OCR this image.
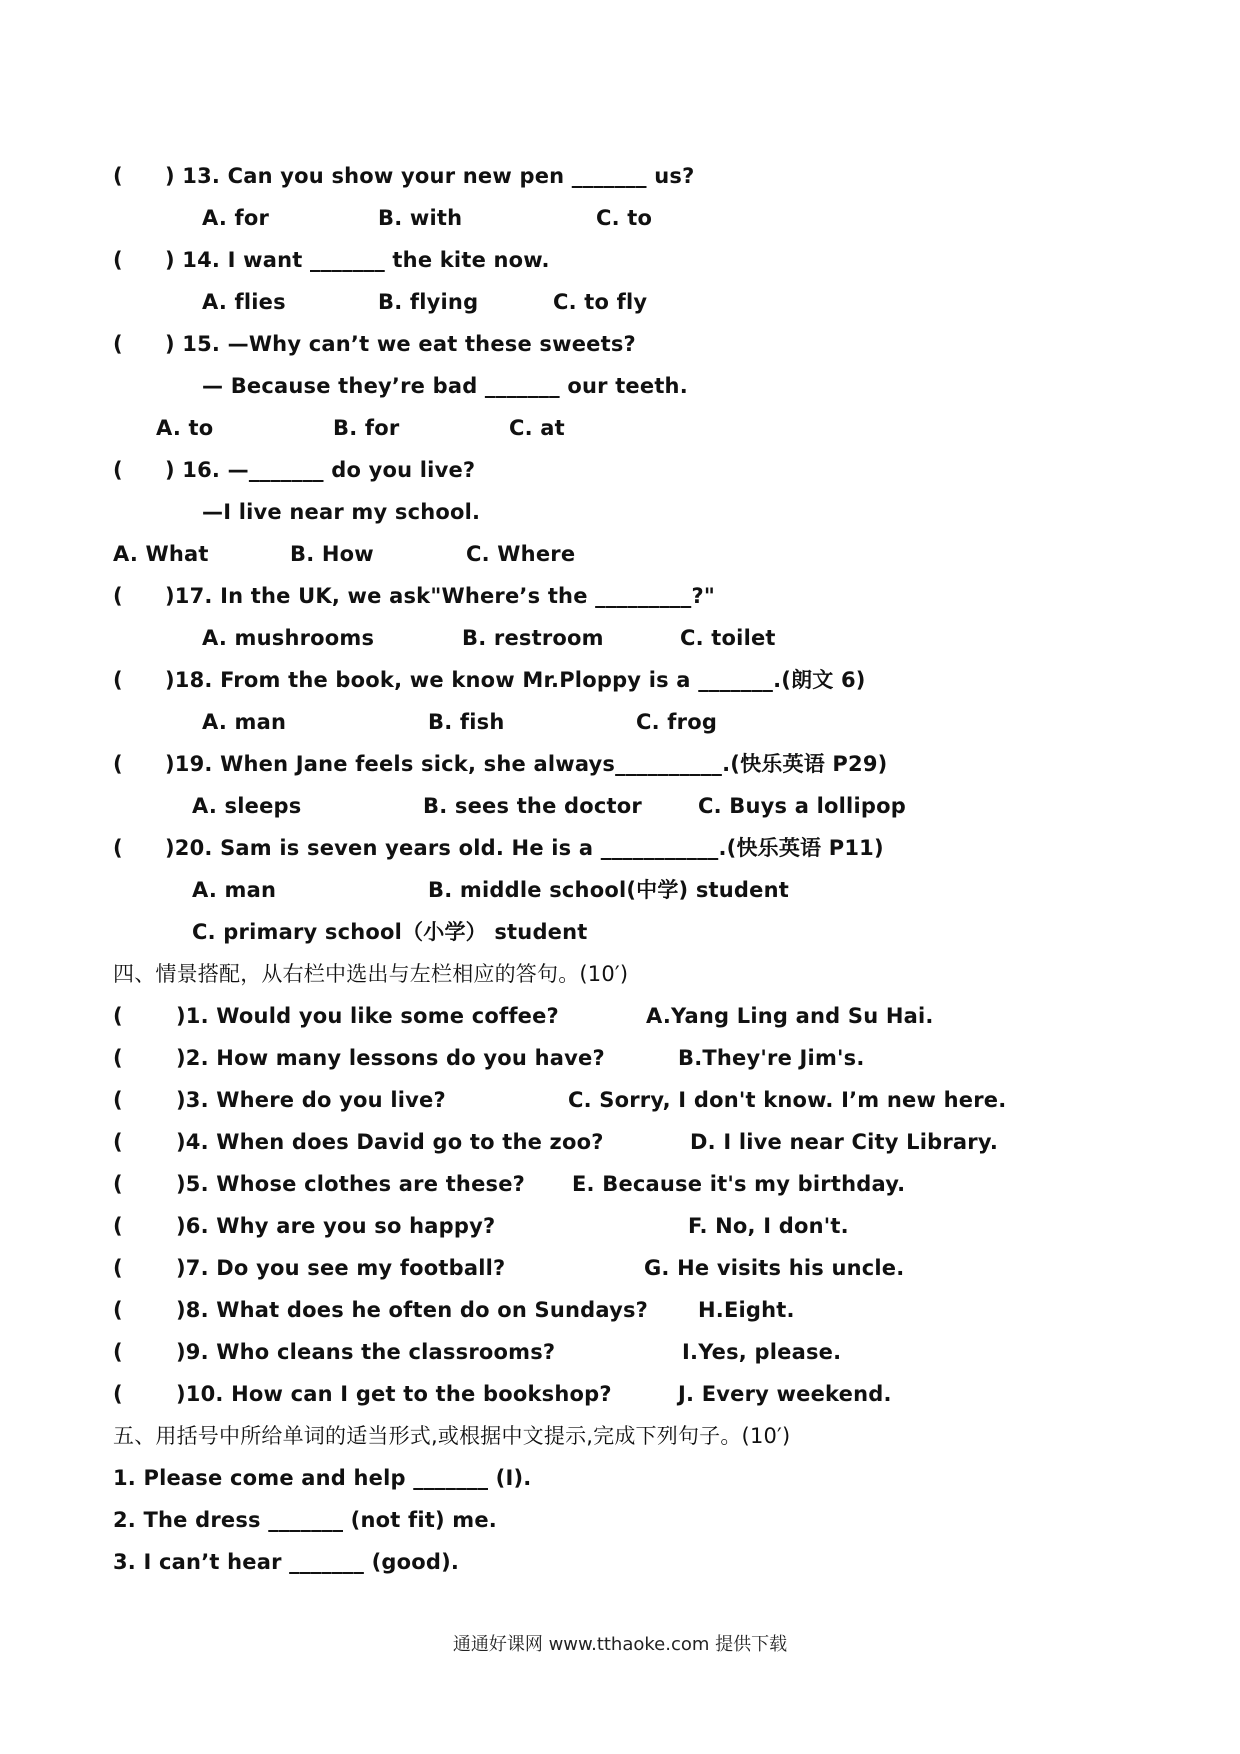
( ) 13. Can you show your new pen _______ us?
A. for	B. with	C. to
( ) 14. I want _______ the kite now.
A. flies	B. flying	C. to fly
( ) 15. —Why can’t we eat these sweets?
— Because they’re bad _______ our teeth.
A. to	B. for	C. at
( ) 16. —_______ do you live?
—I live near my school.
A. What	B. How	C. Where
( )17. In the UK, we ask"Where’s the _________?"
A. mushrooms	B. restroom	C. toilet
( )18. From the book, we know Mr.Ploppy is a _______.(朗文 6)
A. man	B. fish	C. frog
( )19. When Jane feels sick, she always__________.(快乐英语 P29)
A. sleeps	B. sees the doctor	C. Buys a lollipop
( )20. Sam is seven years old. He is a ___________.(快乐英语 P11)
A. man	B. middle school(中学) student
C. primary school（小学） student
四、情景搭配，从右栏中选出与左栏相应的答句。(10′)
(	)1. Would you like some coffee?	A.Yang Ling and Su Hai.
(	)2. How many lessons do you have?	B.They're Jim's.
(	)3. Where do you live?	C. Sorry, I don't know. I’m new here.
(	)4. When does David go to the zoo?	D. I live near City Library.
(	)5. Whose clothes are these? E. Because it's my birthday.
(	)6. Why are you so happy?	F. No, I don't.
(	)7. Do you see my football?	G. He visits his uncle.
(	)8. What does he often do on Sundays? H.Eight.
(	)9. Who cleans the classrooms?	I.Yes, please.
(	)10. How can I get to the bookshop?	J. Every weekend.
五、用括号中所给单词的适当形式,或根据中文提示,完成下列句子。(10′)
1. Please come and help _______ (I).
2. The dress _______ (not fit) me.
3. I can’t hear _______ (good).
通通好课网 www.tthaoke.com 提供下载
